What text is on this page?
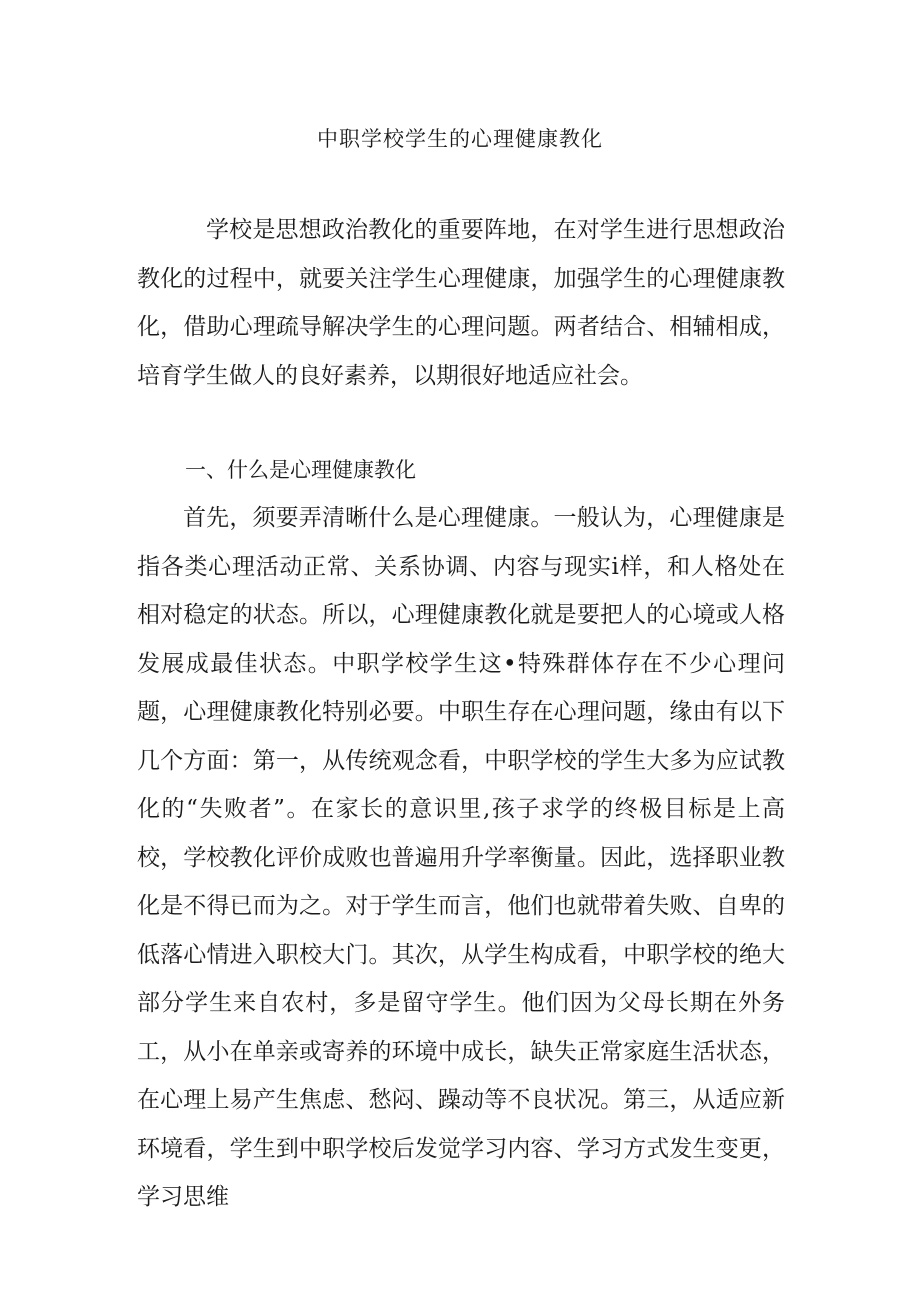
中职学校学生的心理健康教化

学校是思想政治教化的重要阵地，在对学生进行思想政治教化的过程中，就要关注学生心理健康，加强学生的心理健康教化，借助心理疏导解决学生的心理问题。两者结合、相辅相成，培育学生做人的良好素养，以期很好地适应社会。

一、什么是心理健康教化

首先，须要弄清晰什么是心理健康。一般认为，心理健康是指各类心理活动正常、关系协调、内容与现实i样，和人格处在相对稳定的状态。所以，心理健康教化就是要把人的心境或人格发展成最佳状态。中职学校学生这•特殊群体存在不少心理问题，心理健康教化特别必要。中职生存在心理问题，缘由有以下几个方面：第一，从传统观念看，中职学校的学生大多为应试教化的“失败者”。在家长的意识里,孩子求学的终极目标是上高校，学校教化评价成败也普遍用升学率衡量。因此，选择职业教化是不得已而为之。对于学生而言，他们也就带着失败、自卑的低落心情进入职校大门。其次，从学生构成看，中职学校的绝大部分学生来自农村，多是留守学生。他们因为父母长期在外务工，从小在单亲或寄养的环境中成长，缺失正常家庭生活状态，在心理上易产生焦虑、愁闷、躁动等不良状况。第三，从适应新环境看，学生到中职学校后发觉学习内容、学习方式发生变更，学习思维
